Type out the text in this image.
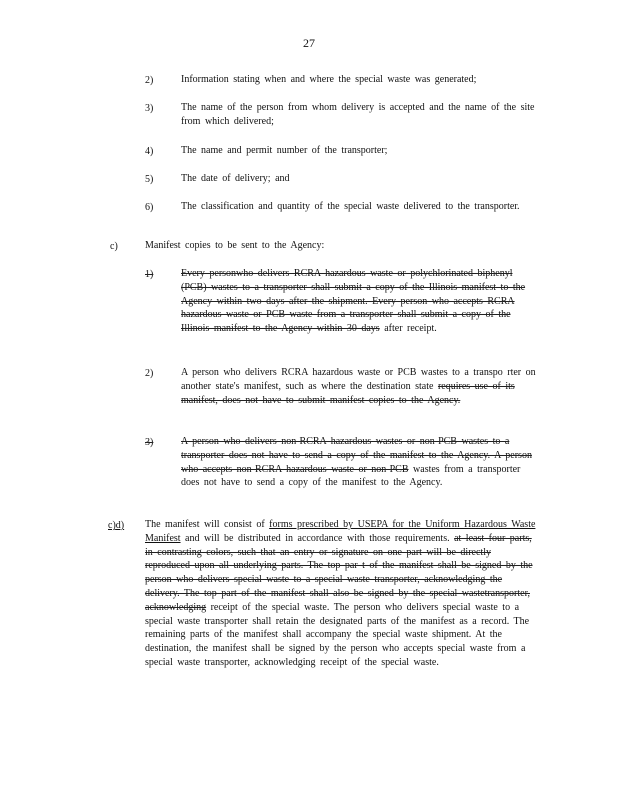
27
2)	Information stating when and where the special waste was generated;
3)	The name of the person from whom delivery is accepted and the name of the site from which delivered;
4)	The name and permit number of the transporter;
5)	The date of delivery; and
6)	The classification and quantity of the special waste delivered to the transporter.
c)	Manifest copies to be sent to the Agency:
1)	Every personwho delivers RCRA hazardous waste or polychlorinated biphenyl (PCB) wastes to a transporter shall submit a copy of the Illinois manifest to the Agency within two days after the shipment. Every person who accepts RCRA hazardous waste or PCB waste from a transporter shall submit a copy of the Illinois manifest to the Agency within 30 days after receipt.
2)	A person who delivers RCRA hazardous waste or PCB wastes to a transpo rter on another state's manifest, such as where the destination state requires use of its manifest, does not have to submit manifest copies to the Agency.
3)	A person who delivers non-RCRA hazardous wastes or non-PCB wastes to a transporter does not have to send a copy of the manifest to the Agency. A person who accepts non-RCRA hazardous waste or non-PCB wastes from a transporter does not have to send a copy of the manifest to the Agency.
c)d) The manifest will consist of forms prescribed by USEPA for the Uniform Hazardous Waste Manifest and will be distributed in accordance with those requirements. at least four parts, in contrasting colors, such that an entry or signature on one part will be directly reproduced upon all underlying parts. The top par t of the manifest shall be signed by the person who delivers special waste to a special waste transporter, acknowledging the delivery. The top part of the manifest shall also be signed by the special wastetransporter, acknowledging receipt of the special waste. The person who delivers special waste to a special waste transporter shall retain the designated parts of the manifest as a record. The remaining parts of the manifest shall accompany the special waste shipment. At the destination, the manifest shall be signed by the person who accepts special waste from a special waste transporter, acknowledging receipt of the special waste.
